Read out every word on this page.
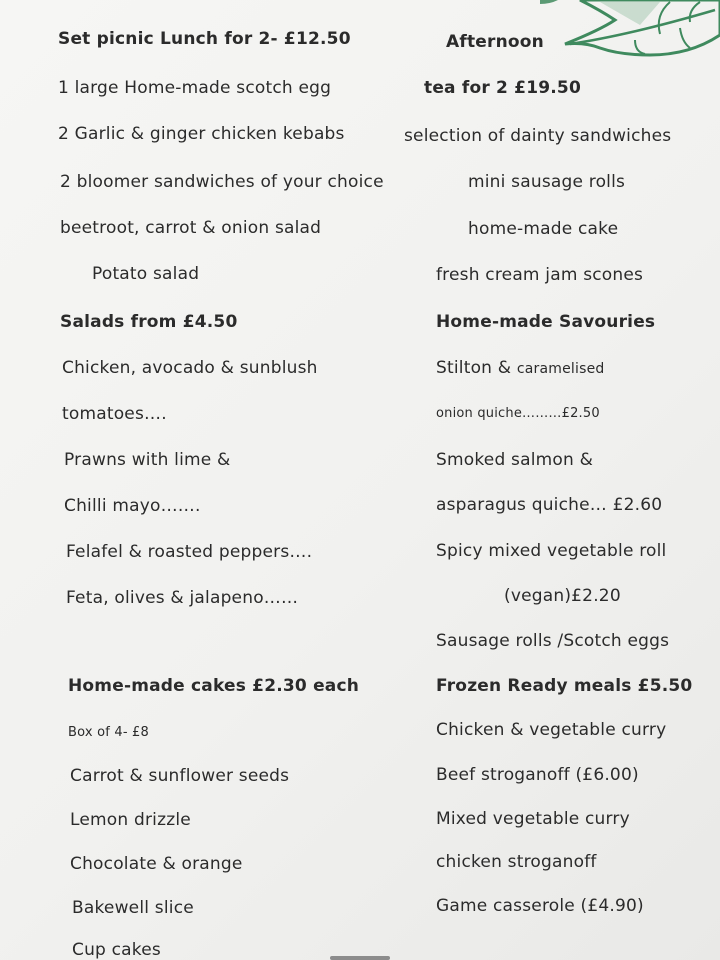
Set picnic Lunch for 2- £12.50
1 large Home-made scotch egg
2 Garlic & ginger chicken kebabs
2 bloomer sandwiches of your choice
beetroot, carrot & onion salad
Potato salad
Salads from £4.50
Chicken, avocado & sunblush
tomatoes….
Prawns with lime &
Chilli mayo…….
Felafel & roasted peppers….
Feta, olives & jalapeno……
Home-made cakes £2.30 each
Box of 4- £8
Carrot & sunflower seeds
Lemon drizzle
Chocolate & orange
Bakewell slice
Cup cakes
Afternoon
tea for 2 £19.50
selection of dainty sandwiches
mini sausage rolls
home-made cake
fresh cream jam scones
Home-made Savouries
Stilton & caramelised
onion quiche………£2.50
Smoked salmon &
asparagus quiche… £2.60
Spicy mixed vegetable roll
(vegan)£2.20
Sausage rolls /Scotch eggs
Frozen Ready meals £5.50
Chicken & vegetable curry
Beef stroganoff (£6.00)
Mixed vegetable curry
chicken stroganoff
Game casserole (£4.90)
